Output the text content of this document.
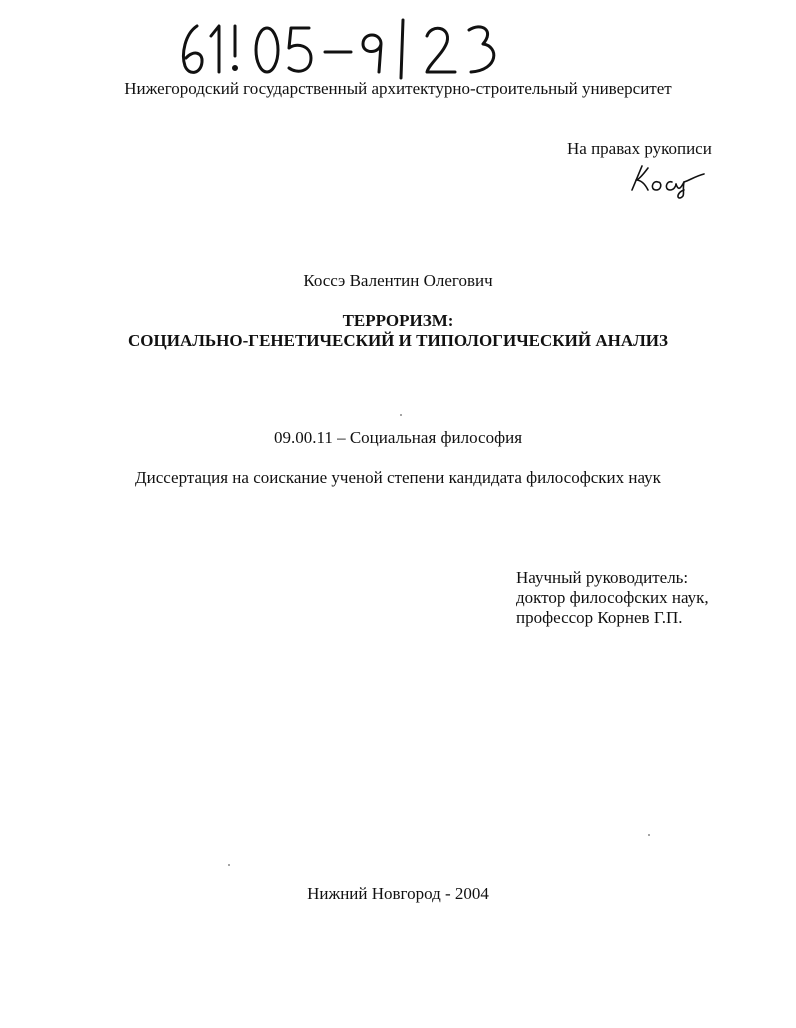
Нижегородский государственный архитектурно-строительный университет
На правах рукописи
Коссэ Валентин Олегович
ТЕРРОРИЗМ:
СОЦИАЛЬНО-ГЕНЕТИЧЕСКИЙ И ТИПОЛОГИЧЕСКИЙ АНАЛИЗ
09.00.11 – Социальная философия
Диссертация на соискание ученой степени кандидата философских наук
Научный руководитель:
доктор философских наук,
профессор Корнев Г.П.
Нижний Новгород - 2004
